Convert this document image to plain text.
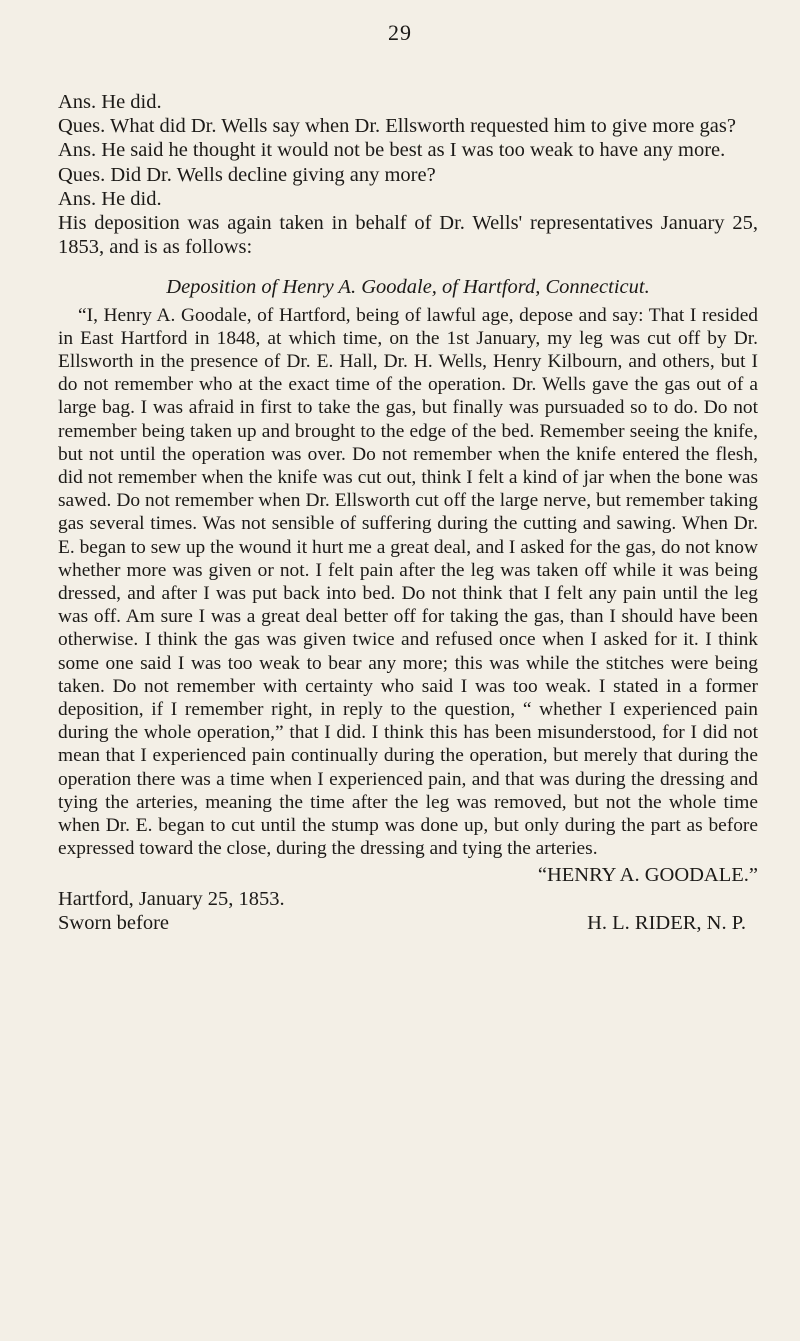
29

Ans. He did.

Ques. What did Dr. Wells say when Dr. Ellsworth requested him to give more gas?

Ans. He said he thought it would not be best as I was too weak to have any more.

Ques. Did Dr. Wells decline giving any more?

Ans. He did.

His deposition was again taken in behalf of Dr. Wells' representatives January 25, 1853, and is as follows:

Deposition of Henry A. Goodale, of Hartford, Connecticut.

“I, Henry A. Goodale, of Hartford, being of lawful age, depose and say: That I resided in East Hartford in 1848, at which time, on the 1st January, my leg was cut off by Dr. Ellsworth in the presence of Dr. E. Hall, Dr. H. Wells, Henry Kilbourn, and others, but I do not remember who at the exact time of the operation. Dr. Wells gave the gas out of a large bag. I was afraid in first to take the gas, but finally was pursuaded so to do. Do not remember being taken up and brought to the edge of the bed. Remember seeing the knife, but not until the operation was over. Do not remember when the knife entered the flesh, did not remember when the knife was cut out, think I felt a kind of jar when the bone was sawed. Do not remember when Dr. Ellsworth cut off the large nerve, but remember taking gas several times. Was not sensible of suffering during the cutting and sawing. When Dr. E. began to sew up the wound it hurt me a great deal, and I asked for the gas, do not know whether more was given or not. I felt pain after the leg was taken off while it was being dressed, and after I was put back into bed. Do not think that I felt any pain until the leg was off. Am sure I was a great deal better off for taking the gas, than I should have been otherwise. I think the gas was given twice and refused once when I asked for it. I think some one said I was too weak to bear any more; this was while the stitches were being taken. Do not remember with certainty who said I was too weak. I stated in a former deposition, if I remember right, in reply to the question, “ whether I experienced pain during the whole operation,” that I did. I think this has been misunderstood, for I did not mean that I experienced pain continually during the operation, but merely that during the operation there was a time when I experienced pain, and that was during the dressing and tying the arteries, meaning the time after the leg was removed, but not the whole time when Dr. E. began to cut until the stump was done up, but only during the part as before expressed toward the close, during the dressing and tying the arteries.

“HENRY A. GOODALE.”

Hartford, January 25, 1853.
Sworn before	H. L. RIDER, N. P.
